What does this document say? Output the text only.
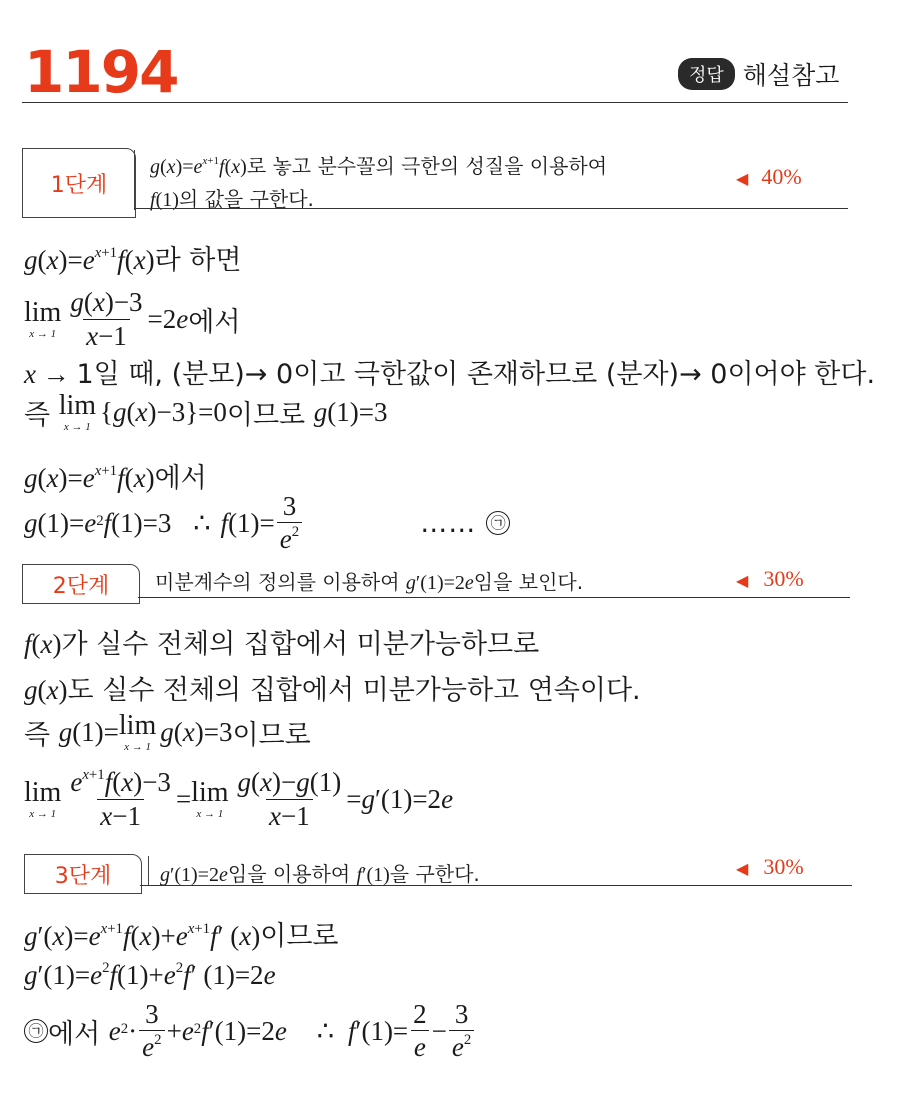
1194	정답 해설참고
1단계
$g(x)=e^{x+1}f(x)$로 놓고 분수꼴의 극한의 성질을 이용하여
f(1)의 값을 구한다.
◀ 40%
$g(x)=e^{x+1}f(x)$라 하면
lim
$x \to 1 \frac{g(x)-3}{x-1} =2$ e 에서
x → 1일 때, (분모)→ 0이고 극한값이 존재하므로 (분자)→ 0이어야 한다.
즉
lim
x → 1 { g ( x )−3}=0 이므로
g (1)=3
$g(x)=e^{x+1}f(x)$에서
g $(1)= e^2$ f (1)=3 ∴ f $(1)= \frac{3}{e^2}$	…… ㉠
2단계 미분계수의 정의를 이용하여 g′(1)=2e임을 보인다.	◀ 30%
f(x)가 실수 전체의 집합에서 미분가능하므로
g(x)도 실수 전체의 집합에서 미분가능하고 연속이다.
즉
g (1)= lim
x → 1 g ( x )=3 이므로
lim
$x \to 1 \frac{e^{x+1}f(x)-3}{x-1} = \lim$
$x \to 1 \frac{g(x)-g(1)}{x-1} = g$ ′(1)=2 e
3단계 g′(1)=2e임을 이용하여 f′(1)을 구한다.	◀ 30%
$g'(x)=e^{x+1}f(x)+e^{x+1}f'$ (x)이므로
$g'(1)=e^2f(1)+e^2f'$ (1)=2e
㉠ 에서
$e^2 \cdot \frac{3}{e^2} + e^2$ f ′(1)=2 e ∴ f $'(1)= \frac{2}{e} - \frac{3}{e^2}$
